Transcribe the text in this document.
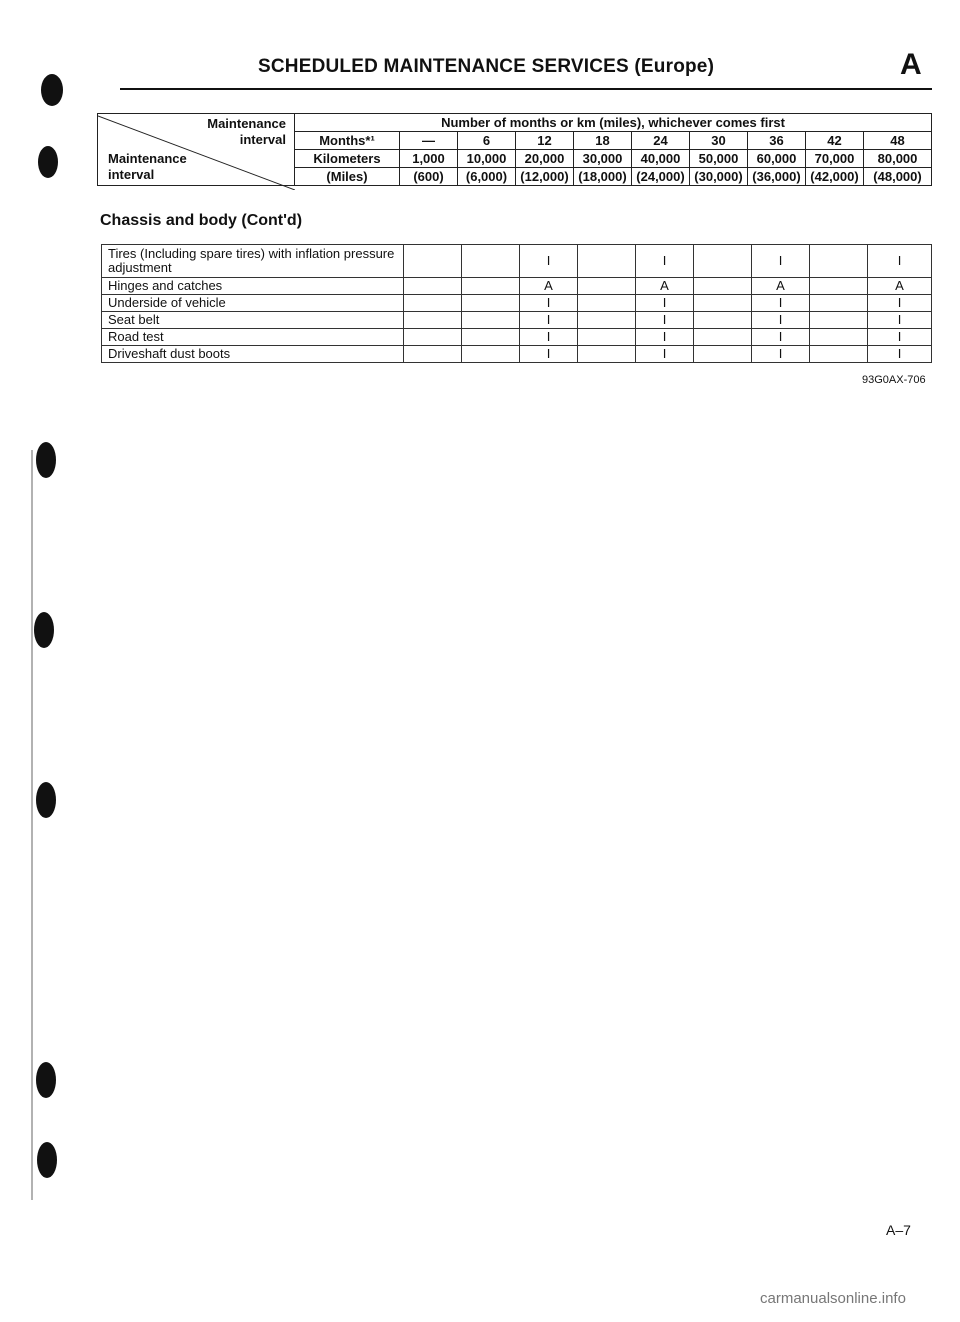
SCHEDULED MAINTENANCE SERVICES (Europe)	A
Maintenance
interval
Maintenance
interval	Number of months or km (miles), whichever comes first									
	Months*¹	—	6	12	18	24	30	36	42	48
	Kilometers	1,000	10,000	20,000	30,000	40,000	50,000	60,000	70,000	80,000
	(Miles)	(600)	(6,000)	(12,000)	(18,000)	(24,000)	(30,000)	(36,000)	(42,000)	(48,000)
Chassis and body (Cont'd)
Tires (Including spare tires) with inflation pressure adjustment			I		I		I		I
Hinges and catches			A		A		A		A
Underside of vehicle			I		I		I		I
Seat belt			I		I		I		I
Road test			I		I		I		I
Driveshaft dust boots			I		I		I		I
93G0AX-706
A–7
carmanualsonline.info
